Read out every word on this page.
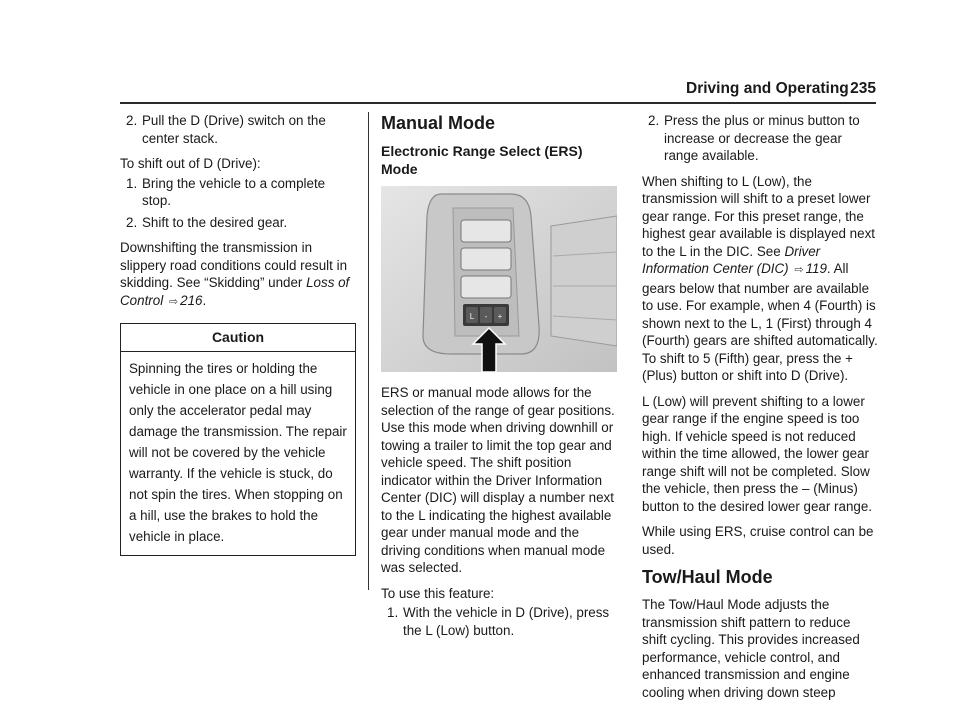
Driving and Operating 235
2. Pull the D (Drive) switch on the center stack.

To shift out of D (Drive):

1. Bring the vehicle to a complete stop.
2. Shift to the desired gear.

Downshifting the transmission in slippery road conditions could result in skidding. See “Skidding” under Loss of Control ⇨ 216.

Caution
Spinning the tires or holding the vehicle in one place on a hill using only the accelerator pedal may damage the transmission. The repair will not be covered by the vehicle warranty. If the vehicle is stuck, do not spin the tires. When stopping on a hill, use the brakes to hold the vehicle in place.
Manual Mode
Electronic Range Select (ERS) Mode
L - +

ERS or manual mode allows for the selection of the range of gear positions. Use this mode when driving downhill or towing a trailer to limit the top gear and vehicle speed. The shift position indicator within the Driver Information Center (DIC) will display a number next to the L indicating the highest available gear under manual mode and the driving conditions when manual mode was selected.

To use this feature:

1. With the vehicle in D (Drive), press the L (Low) button.
2. Press the plus or minus button to increase or decrease the gear range available.

When shifting to L (Low), the transmission will shift to a preset lower gear range. For this preset range, the highest gear available is displayed next to the L in the DIC. See Driver Information Center (DIC) ⇨ 119. All gears below that number are available to use. For example, when 4 (Fourth) is shown next to the L, 1 (First) through 4 (Fourth) gears are shifted automatically. To shift to 5 (Fifth) gear, press the + (Plus) button or shift into D (Drive).

L (Low) will prevent shifting to a lower gear range if the engine speed is too high. If vehicle speed is not reduced within the time allowed, the lower gear range shift will not be completed. Slow the vehicle, then press the – (Minus) button to the desired lower gear range.

While using ERS, cruise control can be used.

Tow/Haul Mode

The Tow/Haul Mode adjusts the transmission shift pattern to reduce shift cycling. This provides increased performance, vehicle control, and enhanced transmission and engine cooling when driving down steep
